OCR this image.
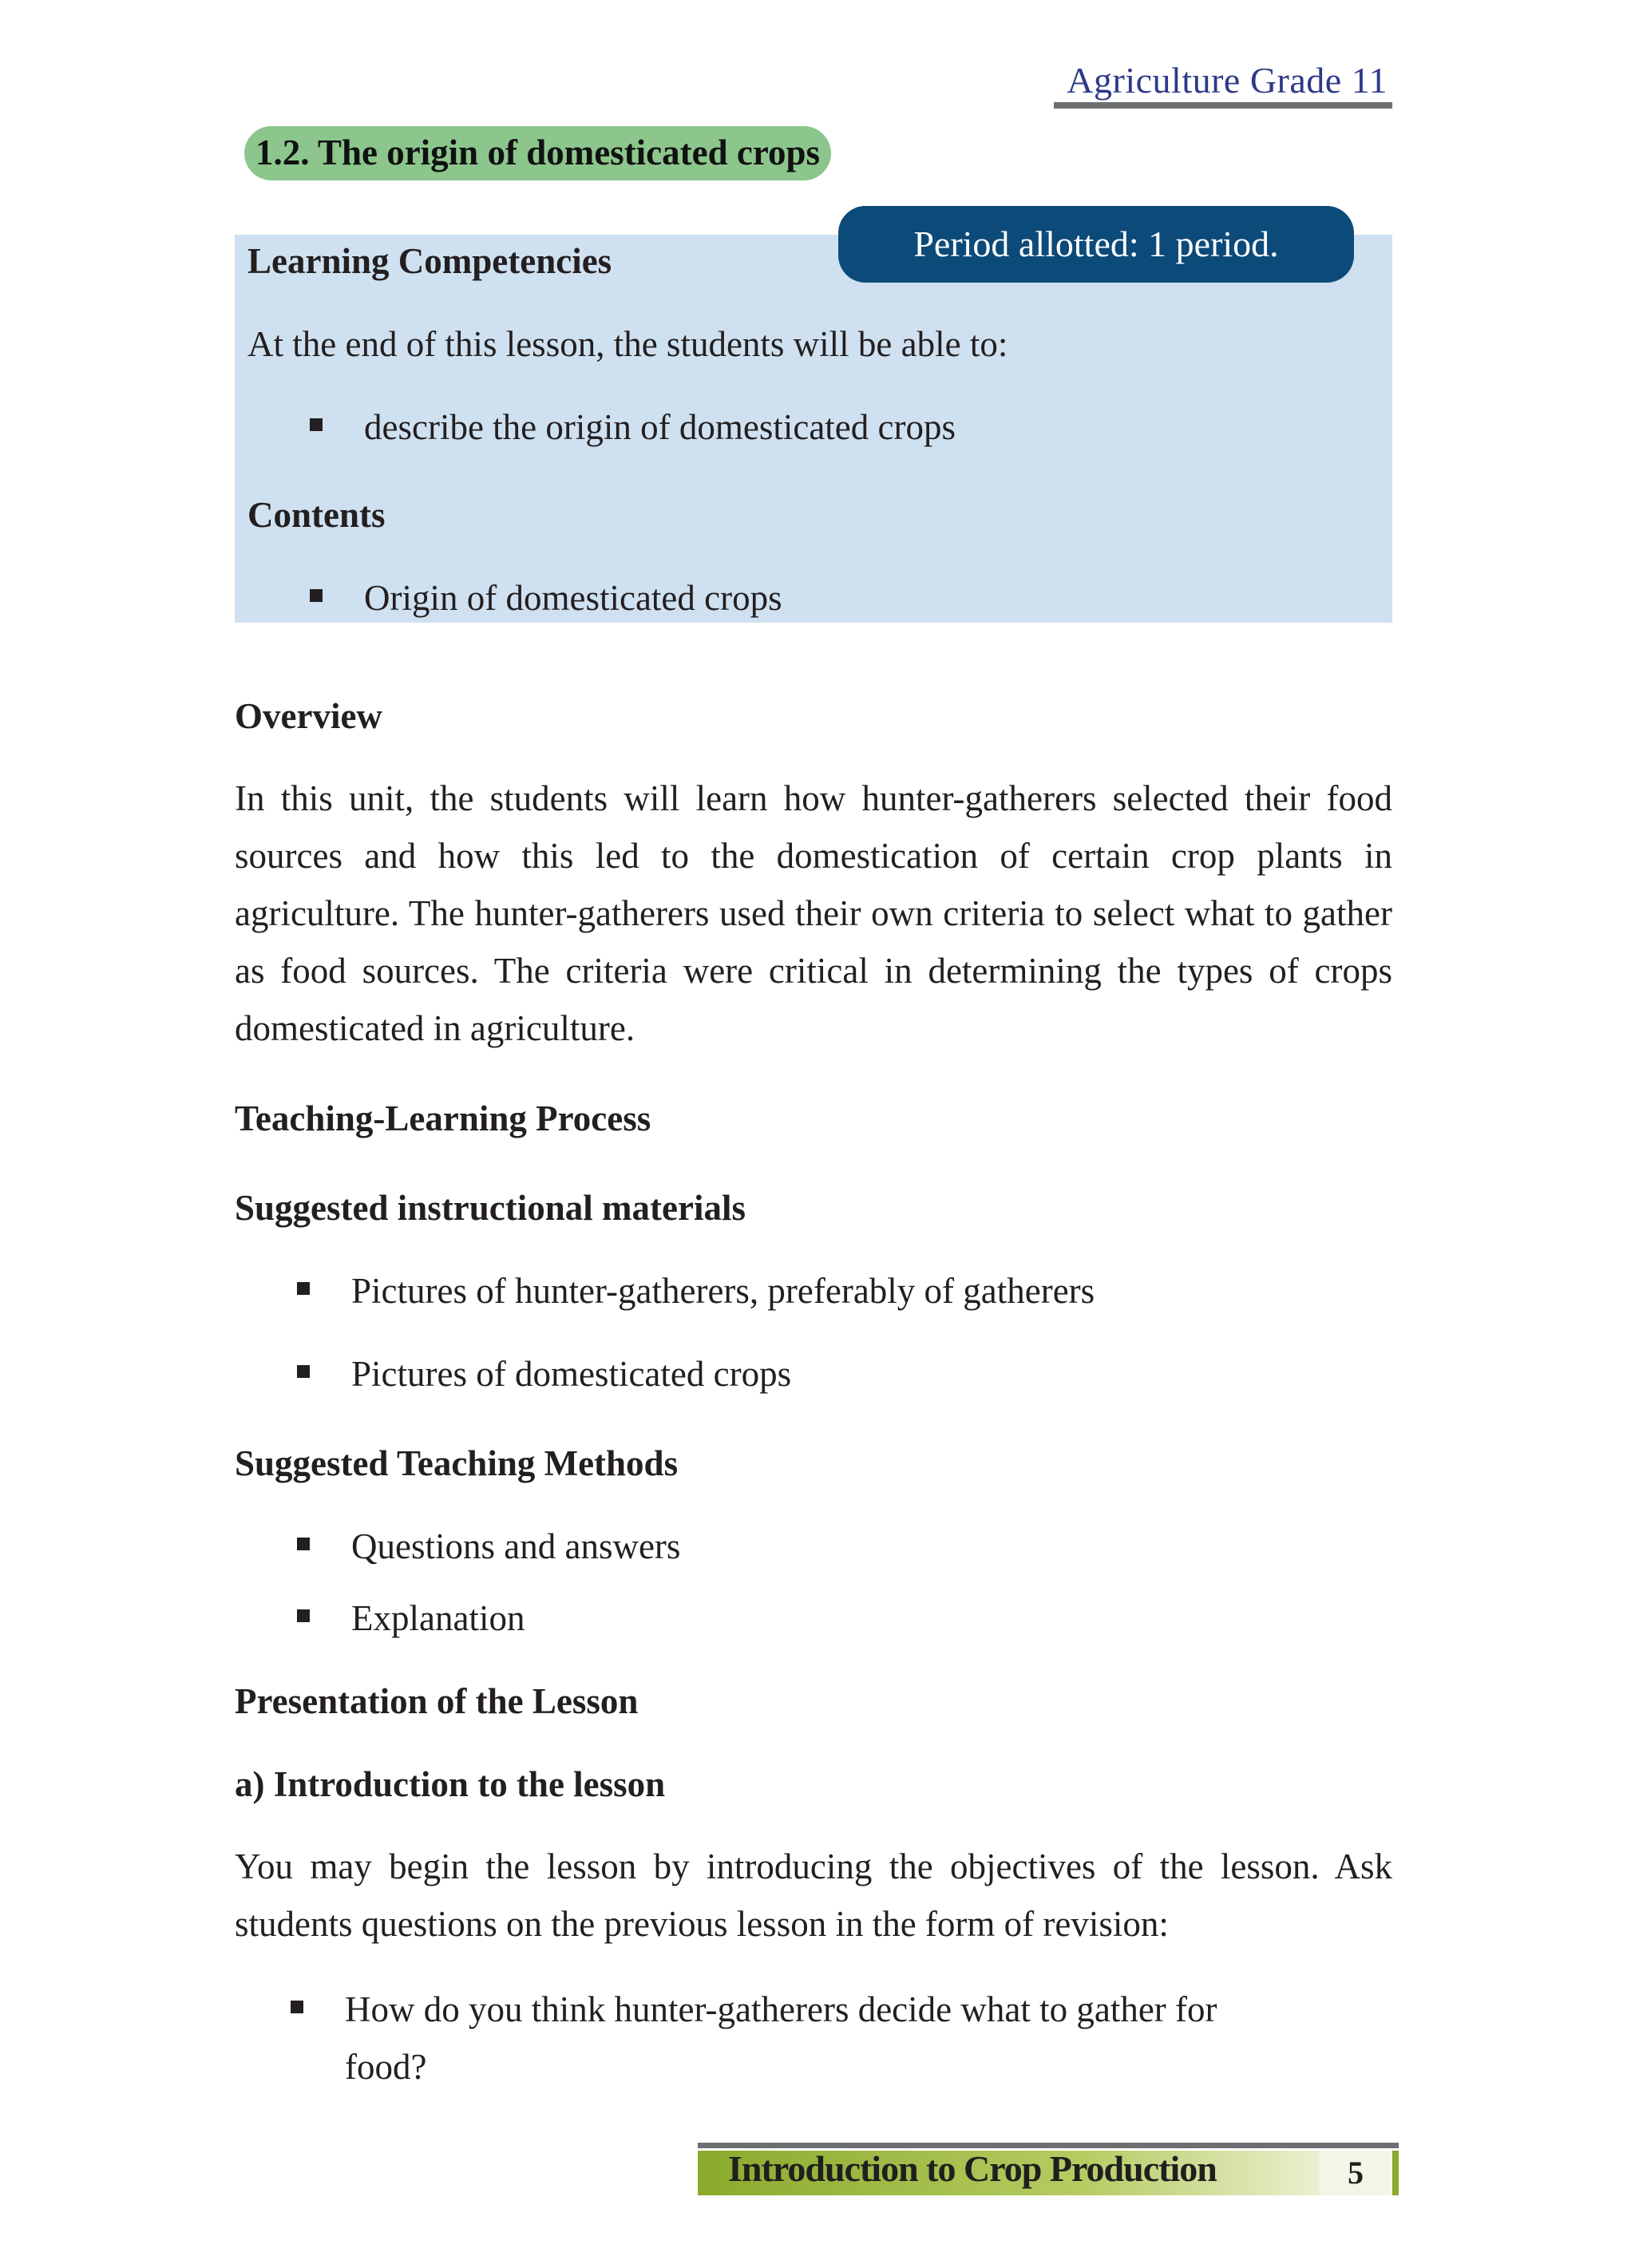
Agriculture Grade 11
1.2. The origin of domesticated crops
Period allotted: 1 period.
Learning Competencies
At the end of this lesson, the students will be able to:
describe the origin of domesticated crops
Contents
Origin of domesticated crops
Overview

In this unit, the students will learn how hunter-gatherers selected their food sources and how this led to the domestication of certain crop plants in agriculture. The hunter-gatherers used their own criteria to select what to gather as food sources. The criteria were critical in determining the types of crops domesticated in agriculture.

Teaching-Learning Process
Suggested instructional materials
Pictures of hunter-gatherers, preferably of gatherers
Pictures of domesticated crops
Suggested Teaching Methods
Questions and answers
Explanation
Presentation of the Lesson
a) Introduction to the lesson

You may begin the lesson by introducing the objectives of the lesson. Ask students questions on the previous lesson in the form of revision:

How do you think hunter-gatherers decide what to gather for
food?
Introduction to Crop Production	5
